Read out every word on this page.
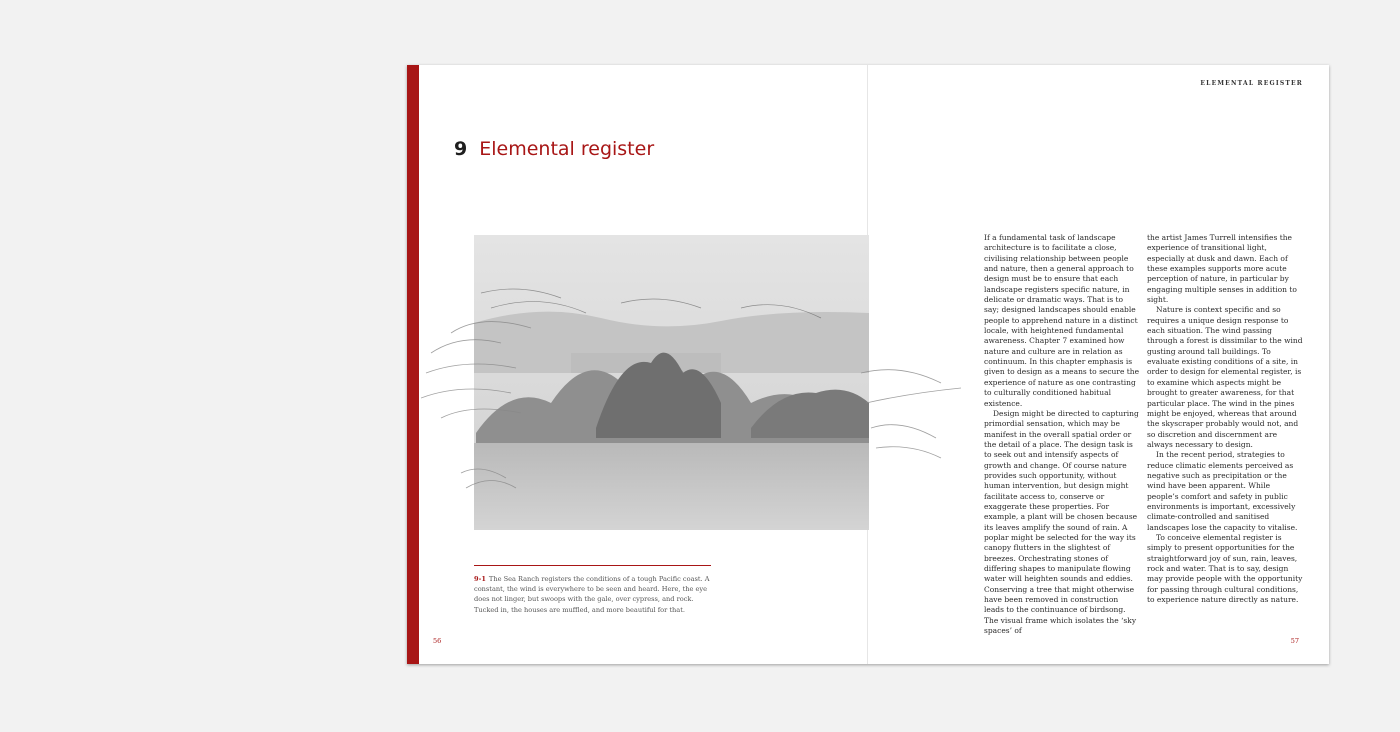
9 Elemental register
ELEMENTAL REGISTER
9-1 The Sea Ranch registers the conditions of a tough Pacific coast. A constant, the wind is everywhere to be seen and heard. Here, the eye does not linger, but swoops with the gale, over cypress, and rock. Tucked in, the houses are muffled, and more beautiful for that.
56	57

If a fundamental task of landscape architecture is to facilitate a close, civilising relationship between people and nature, then a general approach to design must be to ensure that each landscape registers specific nature, in delicate or dramatic ways. That is to say; designed landscapes should enable people to apprehend nature in a distinct locale, with heightened fundamental awareness. Chapter 7 examined how nature and culture are in relation as continuum. In this chapter emphasis is given to design as a means to secure the experience of nature as one contrasting to culturally conditioned habitual existence.

Design might be directed to capturing primordial sensation, which may be manifest in the overall spatial order or the detail of a place. The design task is to seek out and intensify aspects of growth and change. Of course nature provides such opportunity, without human intervention, but design might facilitate access to, conserve or exaggerate these properties. For example, a plant will be chosen because its leaves amplify the sound of rain. A poplar might be selected for the way its canopy flutters in the slightest of breezes. Orchestrating stones of differing shapes to manipulate flowing water will heighten sounds and eddies. Conserving a tree that might otherwise have been removed in construction leads to the continuance of birdsong. The visual frame which isolates the ‘sky spaces’ of

the artist James Turrell intensifies the experience of transitional light, especially at dusk and dawn. Each of these examples supports more acute perception of nature, in particular by engaging multiple senses in addition to sight.

Nature is context specific and so requires a unique design response to each situation. The wind passing through a forest is dissimilar to the wind gusting around tall buildings. To evaluate existing conditions of a site, in order to design for elemental register, is to examine which aspects might be brought to greater awareness, for that particular place. The wind in the pines might be enjoyed, whereas that around the skyscraper probably would not, and so discretion and discernment are always necessary to design.

In the recent period, strategies to reduce climatic elements perceived as negative such as precipitation or the wind have been apparent. While people’s comfort and safety in public environments is important, excessively climate-controlled and sanitised landscapes lose the capacity to vitalise.

To conceive elemental register is simply to present opportunities for the straightforward joy of sun, rain, leaves, rock and water. That is to say, design may provide people with the opportunity for passing through cultural conditions, to experience nature directly as nature.
